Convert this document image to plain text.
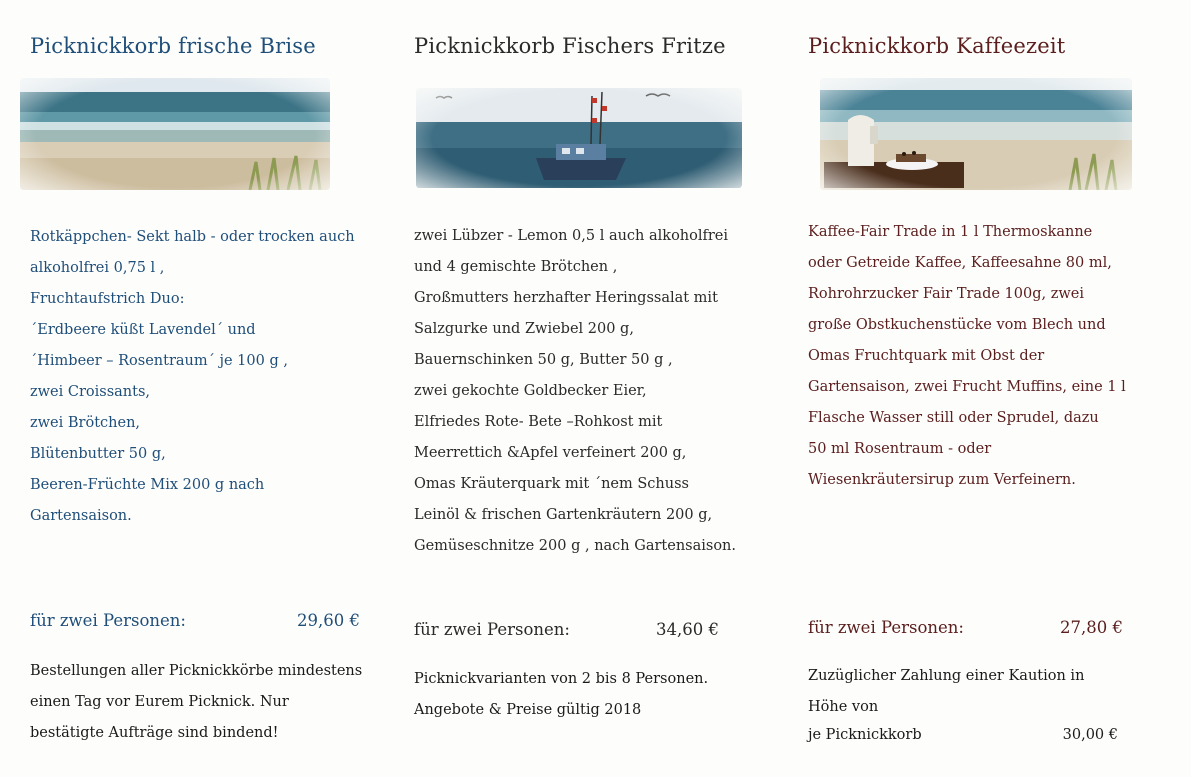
Picknickkorb frische Brise
Rotkäppchen- Sekt halb - oder trocken auch
alkoholfrei 0,75 l ,
Fruchtaufstrich Duo:
´Erdbeere küßt Lavendel´ und
´Himbeer – Rosentraum´ je 100 g ,
zwei Croissants,
zwei Brötchen,
Blütenbutter 50 g,
Beeren-Früchte Mix 200 g nach
Gartensaison.
für zwei Personen:	29,60 €
Bestellungen aller Picknickkörbe mindestens
einen Tag vor Eurem Picknick. Nur
bestätigte Aufträge sind bindend!
Picknickkorb Fischers Fritze
zwei Lübzer - Lemon 0,5 l auch alkoholfrei
und 4 gemischte Brötchen ,
Großmutters herzhafter Heringssalat mit
Salzgurke und Zwiebel 200 g,
Bauernschinken 50 g, Butter 50 g ,
zwei gekochte Goldbecker Eier,
Elfriedes Rote- Bete –Rohkost mit
Meerrettich &Apfel verfeinert 200 g,
Omas Kräuterquark mit ´nem Schuss
Leinöl & frischen Gartenkräutern 200 g,
Gemüseschnitze 200 g , nach Gartensaison.
für zwei Personen:	34,60 €
Picknickvarianten von 2 bis 8 Personen.
Angebote & Preise gültig 2018
Picknickkorb Kaffeezeit
Kaffee-Fair Trade in 1 l Thermoskanne
oder Getreide Kaffee, Kaffeesahne 80 ml,
Rohrohrzucker Fair Trade 100g, zwei
große Obstkuchenstücke vom Blech und
Omas Fruchtquark mit Obst der
Gartensaison, zwei Frucht Muffins, eine 1 l
Flasche Wasser still oder Sprudel, dazu
50 ml Rosentraum - oder
Wiesenkräutersirup zum Verfeinern.
für zwei Personen:	27,80 €
Zuzüglicher Zahlung einer Kaution in
Höhe von
je Picknickkorb	30,00 €
